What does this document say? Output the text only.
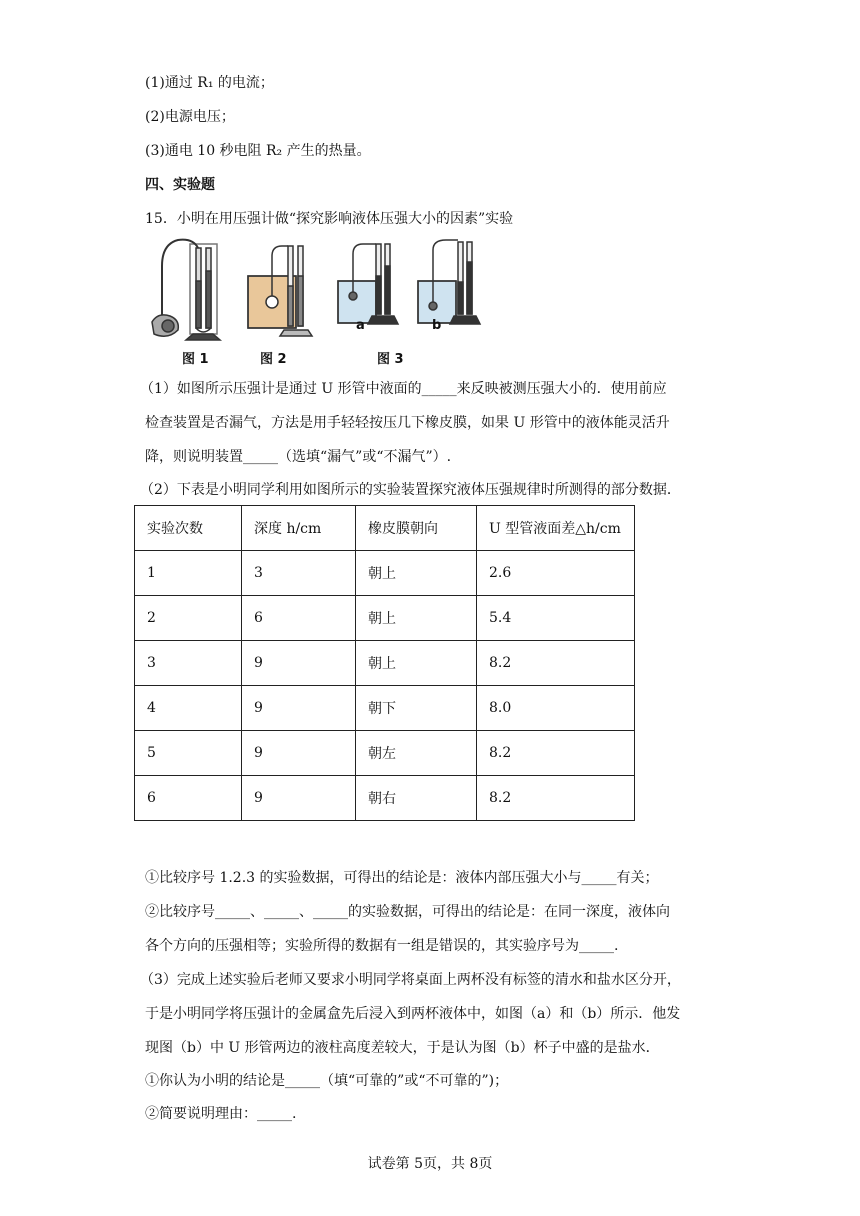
(1)通过 R₁ 的电流；
(2)电源电压；
(3)通电 10 秒电阻 R₂ 产生的热量。
四、实验题
15．小明在用压强计做“探究影响液体压强大小的因素”实验
a	b
图 1	图 2	图 3
（1）如图所示压强计是通过 U 形管中液面的_____来反映被测压强大小的．使用前应
检查装置是否漏气，方法是用手轻轻按压几下橡皮膜，如果 U 形管中的液体能灵活升
降，则说明装置_____（选填“漏气”或“不漏气”）.
（2）下表是小明同学利用如图所示的实验装置探究液体压强规律时所测得的部分数据．
实验次数	深度 h/cm	橡皮膜朝向	U 型管液面差△h/cm
1	3	朝上	2.6
2	6	朝上	5.4
3	9	朝上	8.2
4	9	朝下	8.0
5	9	朝左	8.2
6	9	朝右	8.2
①比较序号 1.2.3 的实验数据，可得出的结论是：液体内部压强大小与_____有关；
②比较序号_____、_____、_____的实验数据，可得出的结论是：在同一深度，液体向
各个方向的压强相等；实验所得的数据有一组是错误的，其实验序号为_____.
（3）完成上述实验后老师又要求小明同学将桌面上两杯没有标签的清水和盐水区分开，
于是小明同学将压强计的金属盒先后浸入到两杯液体中，如图（a）和（b）所示．他发
现图（b）中 U 形管两边的液柱高度差较大，于是认为图（b）杯子中盛的是盐水．
①你认为小明的结论是_____（填“可靠的”或“不可靠的”)；
②简要说明理由：_____.
试卷第 5页，共 8页
